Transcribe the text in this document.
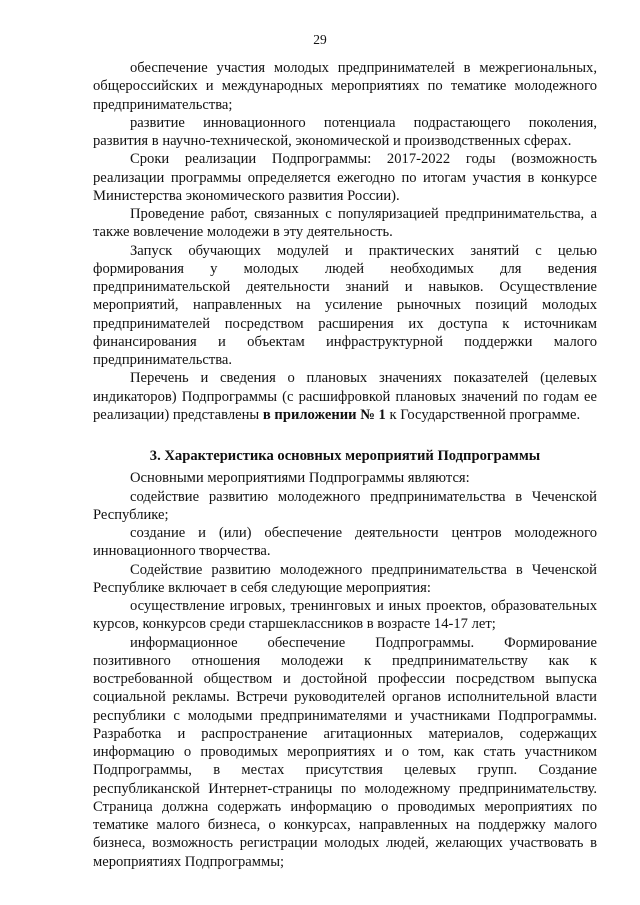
29

обеспечение участия молодых предпринимателей в межрегиональных, общероссийских и международных мероприятиях по тематике молодежного предпринимательства;

развитие инновационного потенциала подрастающего поколения, развития в научно-технической, экономической и производственных сферах.

Сроки реализации Подпрограммы: 2017-2022 годы (возможность реализации программы определяется ежегодно по итогам участия в конкурсе Министерства экономического развития России).

Проведение работ, связанных с популяризацией предпринимательства, а также вовлечение молодежи в эту деятельность.

Запуск обучающих модулей и практических занятий с целью формирования у молодых людей необходимых для ведения предпринимательской деятельности знаний и навыков. Осуществление мероприятий, направленных на усиление рыночных позиций молодых предпринимателей посредством расширения их доступа к источникам финансирования и объектам инфраструктурной поддержки малого предпринимательства.

Перечень и сведения о плановых значениях показателей (целевых индикаторов) Подпрограммы (с расшифровкой плановых значений по годам ее реализации) представлены в приложении № 1 к Государственной программе.

3. Характеристика основных мероприятий Подпрограммы

Основными мероприятиями Подпрограммы являются:

содействие развитию молодежного предпринимательства в Чеченской Республике;

создание и (или) обеспечение деятельности центров молодежного инновационного творчества.

Содействие развитию молодежного предпринимательства в Чеченской Республике включает в себя следующие мероприятия:

осуществление игровых, тренинговых и иных проектов, образовательных курсов, конкурсов среди старшеклассников в возрасте 14-17 лет;

информационное обеспечение Подпрограммы. Формирование позитивного отношения молодежи к предпринимательству как к востребованной обществом и достойной профессии посредством выпуска социальной рекламы. Встречи руководителей органов исполнительной власти республики с молодыми предпринимателями и участниками Подпрограммы. Разработка и распространение агитационных материалов, содержащих информацию о проводимых мероприятиях и о том, как стать участником Подпрограммы, в местах присутствия целевых групп. Создание республиканской Интернет-страницы по молодежному предпринимательству. Страница должна содержать информацию о проводимых мероприятиях по тематике малого бизнеса, о конкурсах, направленных на поддержку малого бизнеса, возможность регистрации молодых людей, желающих участвовать в мероприятиях Подпрограммы;
